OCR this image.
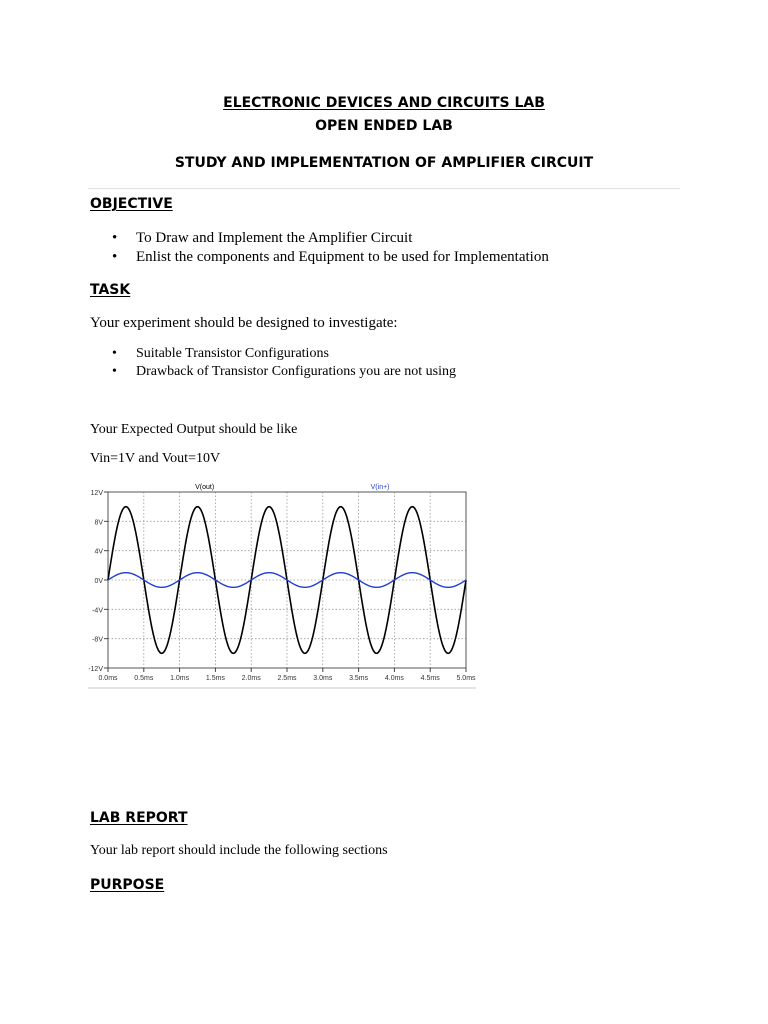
ELECTRONIC DEVICES AND CIRCUITS LAB
OPEN ENDED LAB
STUDY AND IMPLEMENTATION OF AMPLIFIER CIRCUIT
OBJECTIVE
• To Draw and Implement the Amplifier Circuit
• Enlist the components and Equipment to be used for Implementation
TASK
Your experiment should be designed to investigate:
• Suitable Transistor Configurations
• Drawback of Transistor Configurations you are not using
Your Expected Output should be like
Vin=1V and Vout=10V
12V
8V
4V
0V
-4V
-8V
-12V
0.0ms 0.5ms 1.0ms 1.5ms 2.0ms 2.5ms 3.0ms 3.5ms 4.0ms 4.5ms 5.0ms
V(out)	V(in+)
LAB REPORT
Your lab report should include the following sections
PURPOSE
